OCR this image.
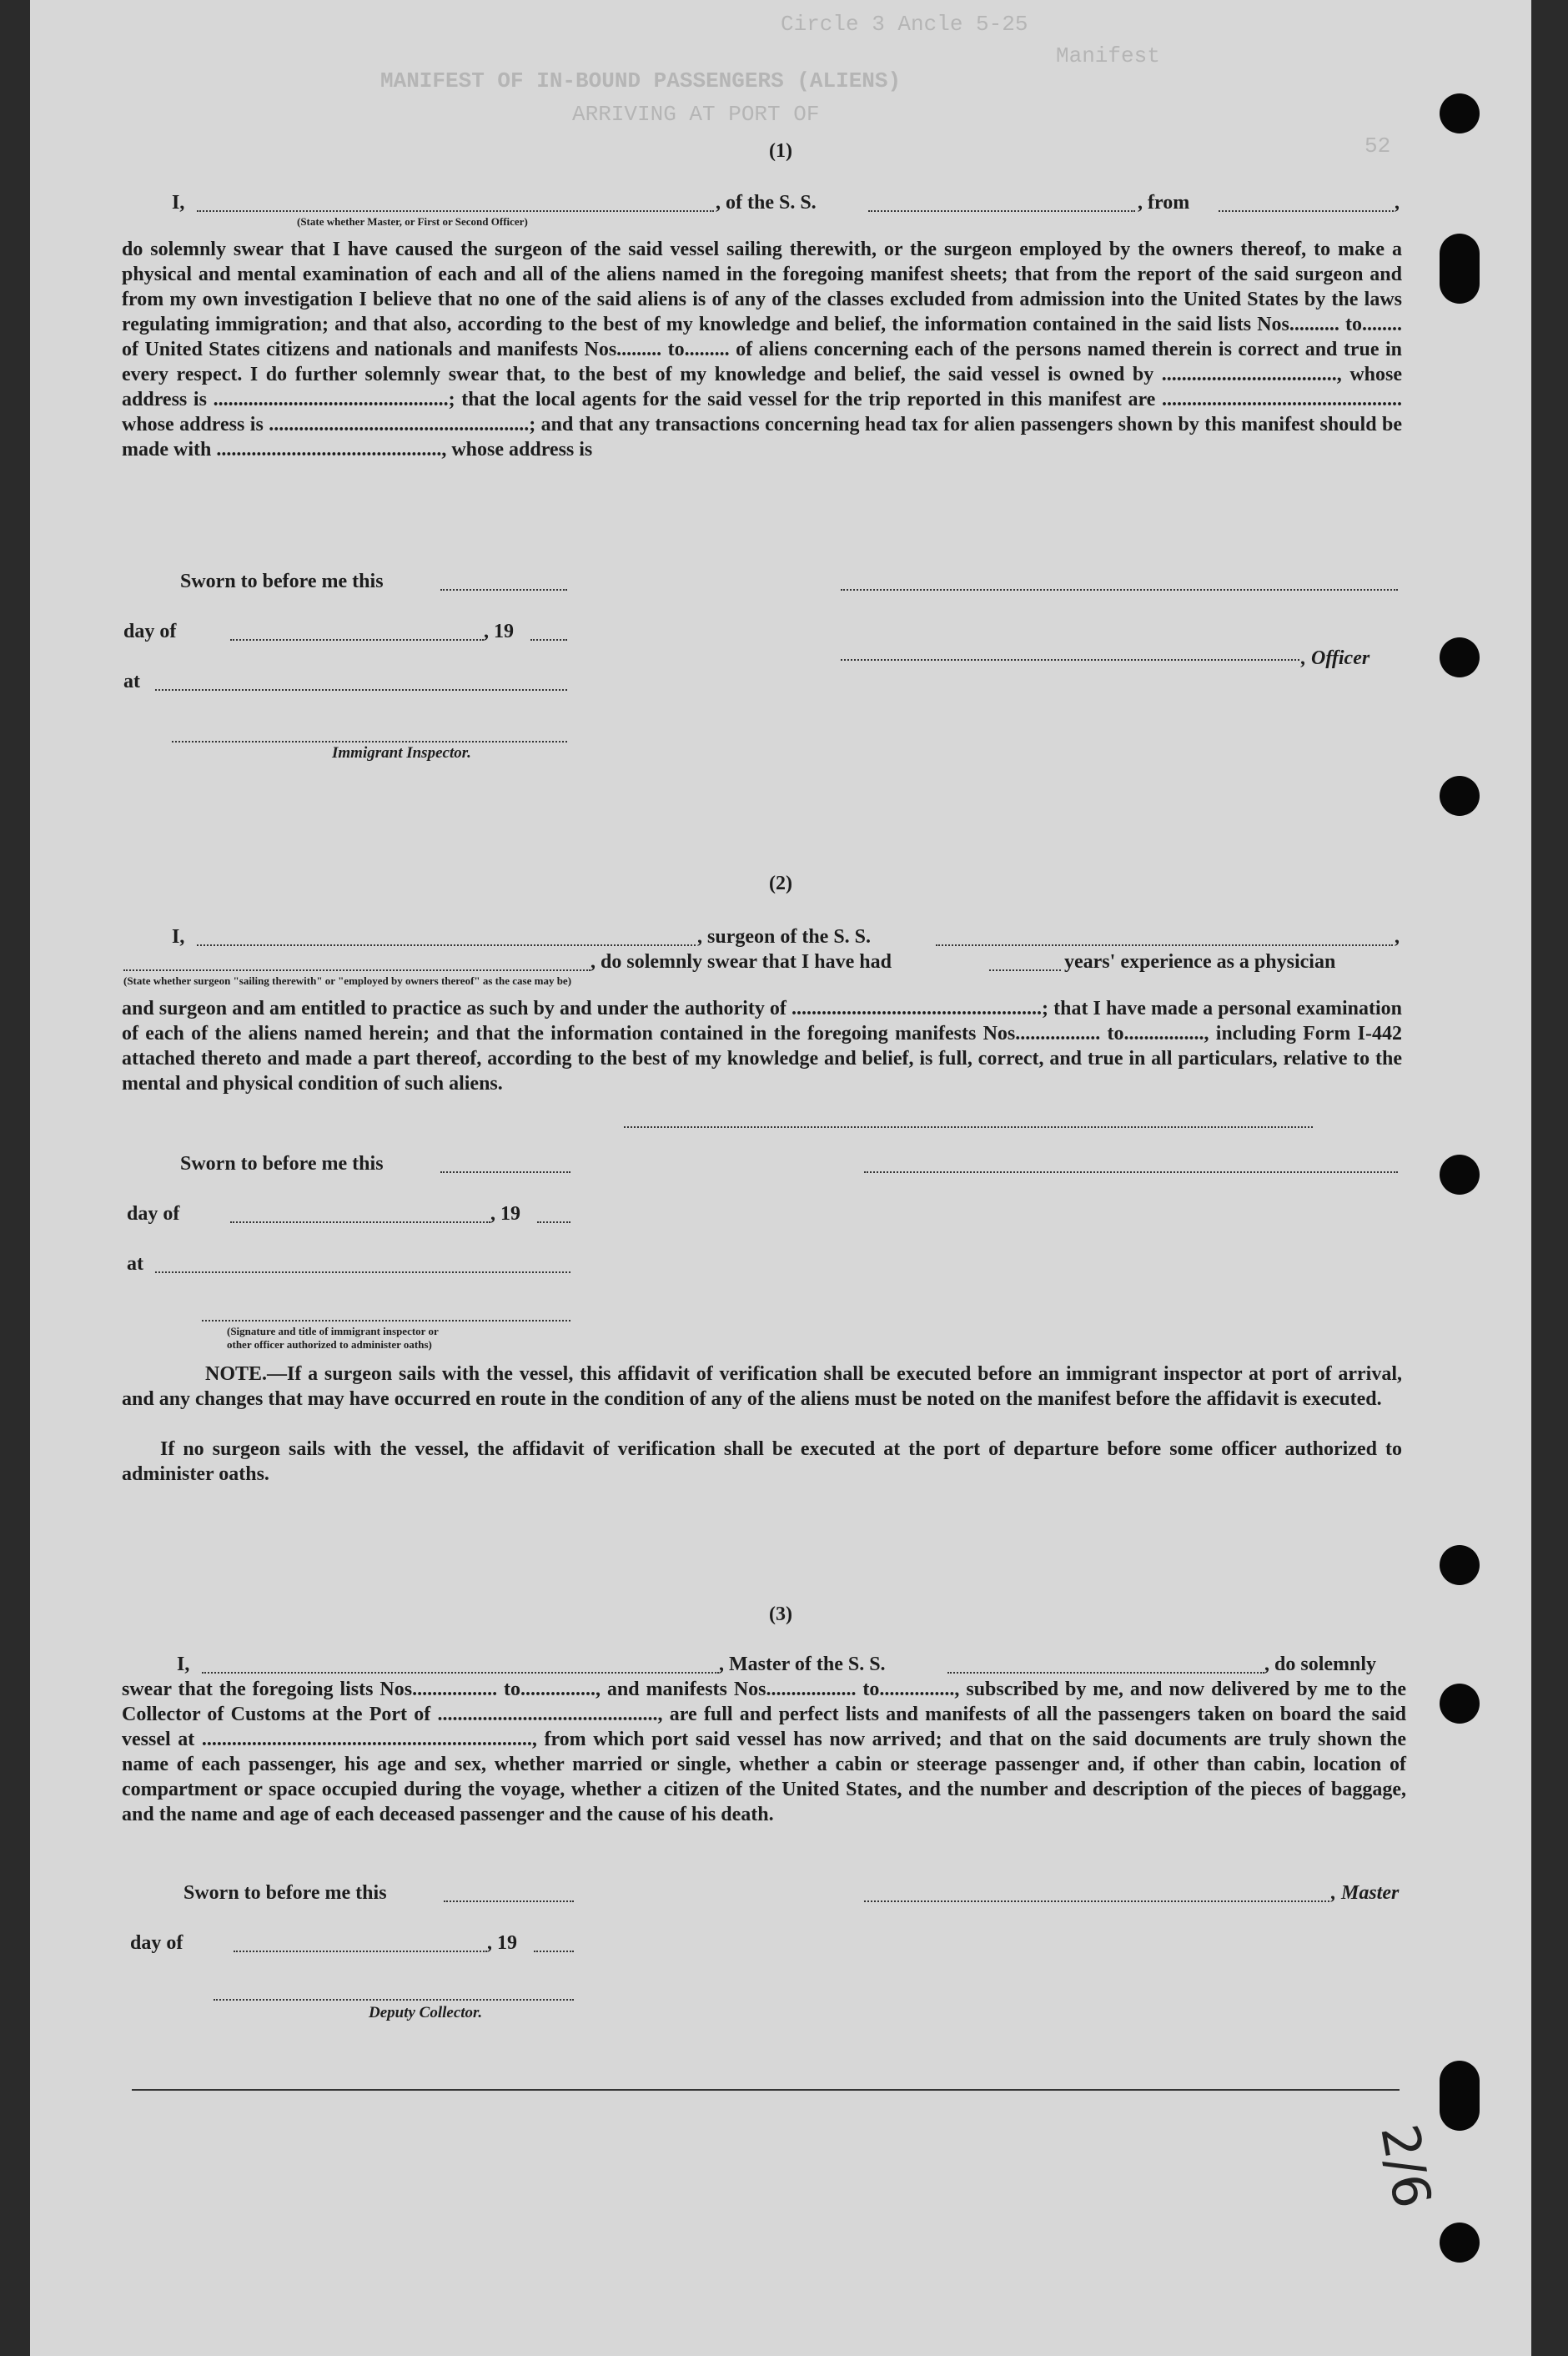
Circle 3 Ancle 5-25
Manifest
MANIFEST OF IN-BOUND PASSENGERS (ALIENS)
ARRIVING AT PORT OF
52
(1)
I,	, of the S. S.	, from	,
(State whether Master, or First or Second Officer)
do solemnly swear that I have caused the surgeon of the said vessel sailing therewith, or the surgeon employed by the owners thereof, to make a physical and mental examination of each and all of the aliens named in the foregoing manifest sheets; that from the report of the said surgeon and from my own investigation I believe that no one of the said aliens is of any of the classes excluded from admission into the United States by the laws regulating immigration; and that also, according to the best of my knowledge and belief, the information contained in the said lists Nos.......... to........ of United States citizens and nationals and manifests Nos......... to......... of aliens concerning each of the persons named therein is correct and true in every respect. I do further solemnly swear that, to the best of my knowledge and belief, the said vessel is owned by ..................................., whose address is ...............................................; that the local agents for the said vessel for the trip reported in this manifest are ................................................ whose address is ....................................................; and that any transactions concerning head tax for alien passengers shown by this manifest should be made with ............................................., whose address is
Sworn to before me this
day of	, 19
at
Immigrant Inspector.
, Officer
(2)
I,	, surgeon of the S. S.	,
, do solemnly swear that I have had	years' experience as a physician
(State whether surgeon "sailing therewith" or "employed by owners thereof" as the case may be)
and surgeon and am entitled to practice as such by and under the authority of ..................................................; that I have made a personal examination of each of the aliens named herein; and that the information contained in the foregoing manifests Nos................. to................, including Form I-442 attached thereto and made a part thereof, according to the best of my knowledge and belief, is full, correct, and true in all particulars, relative to the mental and physical condition of such aliens.
Sworn to before me this
day of	, 19
at
(Signature and title of immigrant inspector or
other officer authorized to administer oaths)
NOTE.—If a surgeon sails with the vessel, this affidavit of verification shall be executed before an immigrant inspector at port of arrival, and any changes that may have occurred en route in the condition of any of the aliens must be noted on the manifest before the affidavit is executed.
If no surgeon sails with the vessel, the affidavit of verification shall be executed at the port of departure before some officer authorized to administer oaths.
(3)
I,	, Master of the S. S.	, do solemnly
swear that the foregoing lists Nos................. to..............., and manifests Nos.................. to..............., subscribed by me, and now delivered by me to the Collector of Customs at the Port of ............................................, are full and perfect lists and manifests of all the passengers taken on board the said vessel at .................................................................., from which port said vessel has now arrived; and that on the said documents are truly shown the name of each passenger, his age and sex, whether married or single, whether a cabin or steerage passenger and, if other than cabin, location of compartment or space occupied during the voyage, whether a citizen of the United States, and the number and description of the pieces of baggage, and the name and age of each deceased passenger and the cause of his death.
Sworn to before me this
day of	, 19
Deputy Collector.
, Master
2/6
